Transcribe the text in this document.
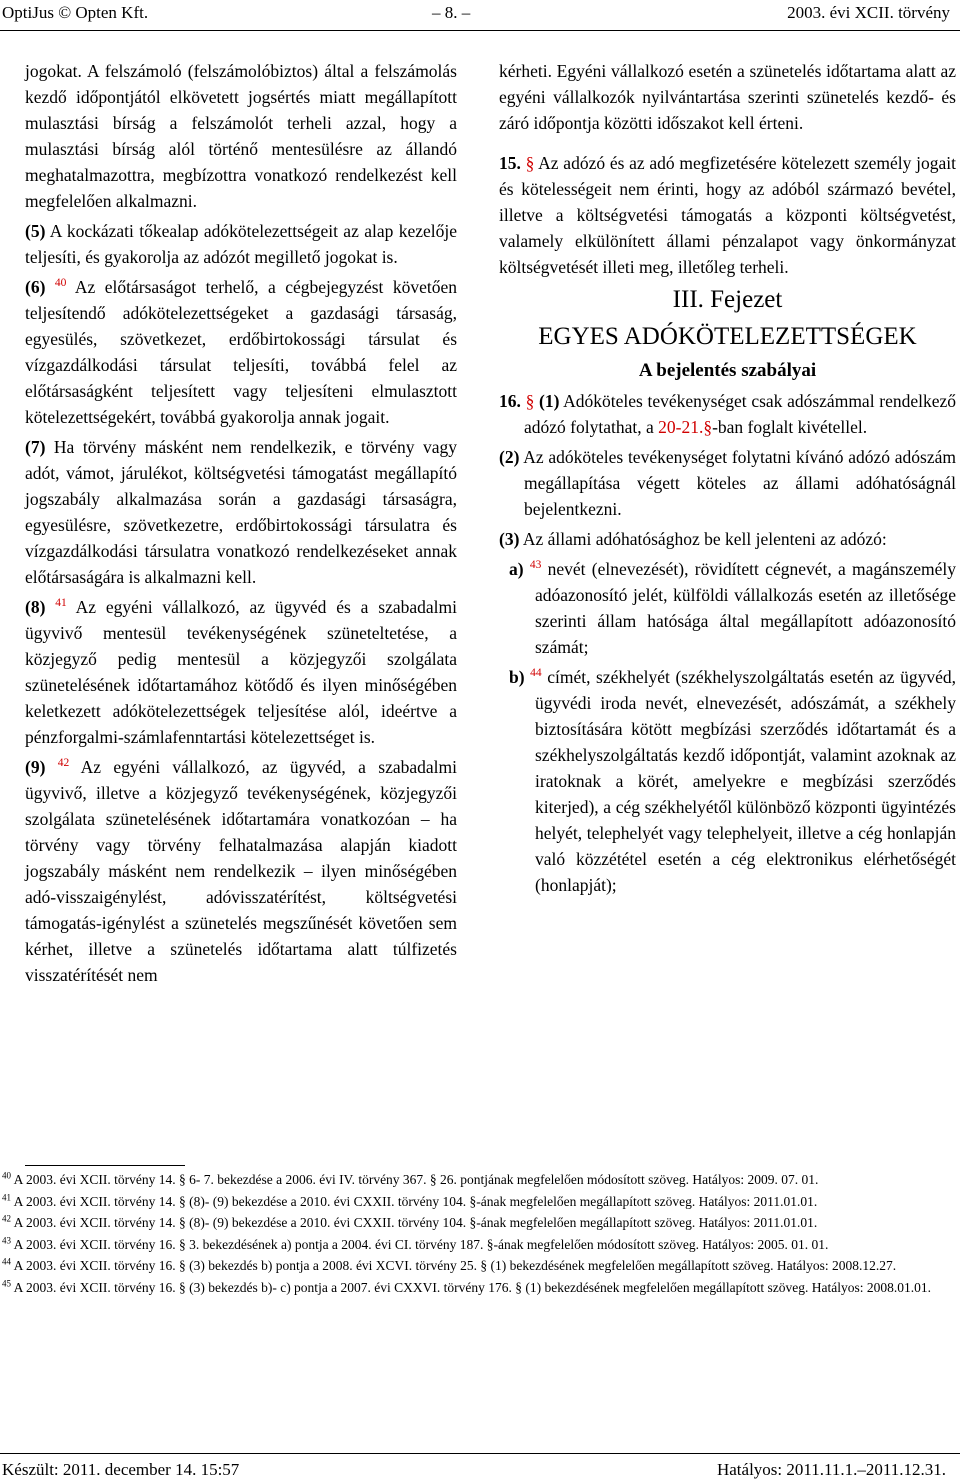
OptiJus © Opten Kft.	– 8. –	2003. évi XCII. törvény

jogokat. A felszámoló (felszámolóbiztos) által a felszámolás kezdő időpontjától elkövetett jogsértés miatt megállapított mulasztási bírság a felszámolót terheli azzal, hogy a mulasztási bírság alól történő mentesülésre az állandó meghatalmazottra, megbízottra vonatkozó rendelkezést kell megfelelően alkalmazni.

(5) A kockázati tőkealap adókötelezettségeit az alap kezelője teljesíti, és gyakorolja az adózót megillető jogokat is.

(6) $^{40}$ Az előtársaságot terhelő, a cégbejegyzést követően teljesítendő adókötelezettségeket a gazdasági társaság, egyesülés, szövetkezet, erdőbirtokossági társulat és vízgazdálkodási társulat teljesíti, továbbá felel az előtársaságként teljesített vagy teljesíteni elmulasztott kötelezettségekért, továbbá gyakorolja annak jogait.

(7) Ha törvény másként nem rendelkezik, e törvény vagy adót, vámot, járulékot, költségvetési támogatást megállapító jogszabály alkalmazása során a gazdasági társaságra, egyesülésre, szövetkezetre, erdőbirtokossági társulatra és vízgazdálkodási társulatra vonatkozó rendelkezéseket annak előtársaságára is alkalmazni kell.

(8) $^{41}$ Az egyéni vállalkozó, az ügyvéd és a szabadalmi ügyvivő mentesül tevékenységének szüneteltetése, a közjegyző pedig mentesül a közjegyzői szolgálata szünetelésének időtartamához kötődő és ilyen minőségében keletkezett adókötelezettségek teljesítése alól, ideértve a pénzforgalmi-számlafenntartási kötelezettséget is.

(9) $^{42}$ Az egyéni vállalkozó, az ügyvéd, a szabadalmi ügyvivő, illetve a közjegyző tevékenységének, közjegyzői szolgálata szünetelésének időtartamára vonatkozóan – ha törvény vagy törvény felhatalmazása alapján kiadott jogszabály másként nem rendelkezik – ilyen minőségében adó-visszaigénylést, adóvisszatérítést, költségvetési támogatás-igénylést a szünetelés megszűnését követően sem kérhet, illetve a szünetelés időtartama alatt túlfizetés visszatérítését nem

kérheti. Egyéni vállalkozó esetén a szünetelés időtartama alatt az egyéni vállalkozók nyilvántartása szerinti szünetelés kezdő- és záró időpontja közötti időszakot kell érteni.

15. § Az adózó és az adó megfizetésére kötelezett személy jogait és kötelességeit nem érinti, hogy az adóból származó bevétel, illetve a költségvetési támogatás a központi költségvetést, valamely elkülönített állami pénzalapot vagy önkormányzat költségvetését illeti meg, illetőleg terheli.

III. Fejezet

EGYES ADÓKÖTELEZETTSÉGEK

A bejelentés szabályai

16. § (1) Adóköteles tevékenységet csak adószámmal rendelkező adózó folytathat, a 20-21.§-ban foglalt kivétellel.

(2) Az adóköteles tevékenységet folytatni kívánó adózó adószám megállapítása végett köteles az állami adóhatóságnál bejelentkezni.

(3) Az állami adóhatósághoz be kell jelenteni az adózó:

a) $^{43}$ nevét (elnevezését), rövidített cégnevét, a magánszemély adóazonosító jelét, külföldi vállalkozás esetén az illetősége szerinti állam hatósága által megállapított adóazonosító számát;

b) $^{44}$ címét, székhelyét (székhelyszolgáltatás esetén az ügyvéd, ügyvédi iroda nevét, elnevezését, adószámát, a székhely biztosítására kötött megbízási szerződés időtartamát és a székhelyszolgáltatás kezdő időpontját, valamint azoknak az iratoknak a körét, amelyekre e megbízási szerződés kiterjed), a cég székhelyétől különböző központi ügyintézés helyét, telephelyét vagy telephelyeit, illetve a cég honlapján való közzététel esetén a cég elektronikus elérhetőségét (honlapját);

$^{40}$ A 2003. évi XCII. törvény 14. § 6- 7. bekezdése a 2006. évi IV. törvény 367. § 26. pontjának megfelelően módosított szöveg. Hatályos: 2009. 07. 01.

$^{41}$ A 2003. évi XCII. törvény 14. § (8)- (9) bekezdése a 2010. évi CXXII. törvény 104. §-ának megfelelően megállapított szöveg. Hatályos: 2011.01.01.

$^{42}$ A 2003. évi XCII. törvény 14. § (8)- (9) bekezdése a 2010. évi CXXII. törvény 104. §-ának megfelelően megállapított szöveg. Hatályos: 2011.01.01.

$^{43}$ A 2003. évi XCII. törvény 16. § 3. bekezdésének a) pontja a 2004. évi CI. törvény 187. §-ának megfelelően módosított szöveg. Hatályos: 2005. 01. 01.

$^{44}$ A 2003. évi XCII. törvény 16. § (3) bekezdés b) pontja a 2008. évi XCVI. törvény 25. § (1) bekezdésének megfelelően megállapított szöveg. Hatályos: 2008.12.27.

$^{45}$ A 2003. évi XCII. törvény 16. § (3) bekezdés b)- c) pontja a 2007. évi CXXVI. törvény 176. § (1) bekezdésének megfelelően megállapított szöveg. Hatályos: 2008.01.01.

Készült: 2011. december 14. 15:57	Hatályos: 2011.11.1.–2011.12.31.
